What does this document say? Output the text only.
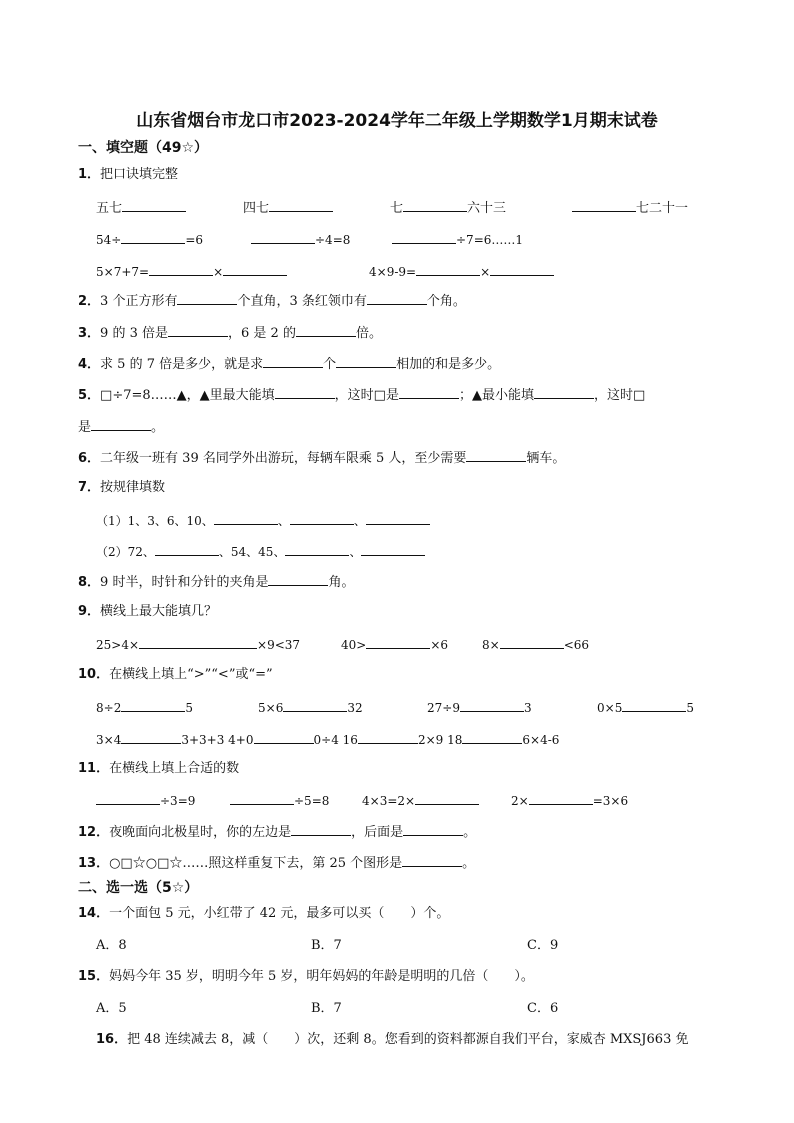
山东省烟台市龙口市2023-2024学年二年级上学期数学1月期末试卷
一、填空题（49☆）
1．把口诀填完整
五七	四七	七	六十三	七二十一
54÷	=6	÷4=8	÷7=6……1
5×7+7=	×	4×9-9=	×
2．3 个正方形有	个直角，3 条红领巾有	个角。
3．9 的 3 倍是	，6 是 2 的	倍。
4．求 5 的 7 倍是多少，就是求	个	相加的和是多少。
5．□÷7=8……▲，▲里最大能填	，这时□是	；▲最小能填	，这时□
是	。
6．二年级一班有 39 名同学外出游玩，每辆车限乘 5 人，至少需要	辆车。
7．按规律填数
（1）1、3、6、10、	、	、
（2）72、	、54、45、	、
8．9 时半，时针和分针的夹角是	角。
9．横线上最大能填几？
25>4×	×9<37	40>	×6	8×	<66
10．在横线上填上“>”“<”或“=”
8÷2	5	5×6	32	27÷9	3	0×5	5
3×4	3+3+3 4+0	0÷4 16	2×9 18	6×4-6
11．在横线上填上合适的数
÷3=9	÷5=8	4×3=2×	2×	=3×6
12．夜晚面向北极星时，你的左边是	，后面是	。
13．○□☆○□☆……照这样重复下去，第 25 个图形是	。
二、选一选（5☆）
14．一个面包 5 元，小红带了 42 元，最多可以买（　　）个。
A．8	B．7	C．9
15．妈妈今年 35 岁，明明今年 5 岁，明年妈妈的年龄是明明的几倍（　　）。
A．5	B．7	C．6
16．把 48 连续减去 8，减（　　）次，还剩 8。您看到的资料都源自我们平台，家威杏 MXSJ663 免
